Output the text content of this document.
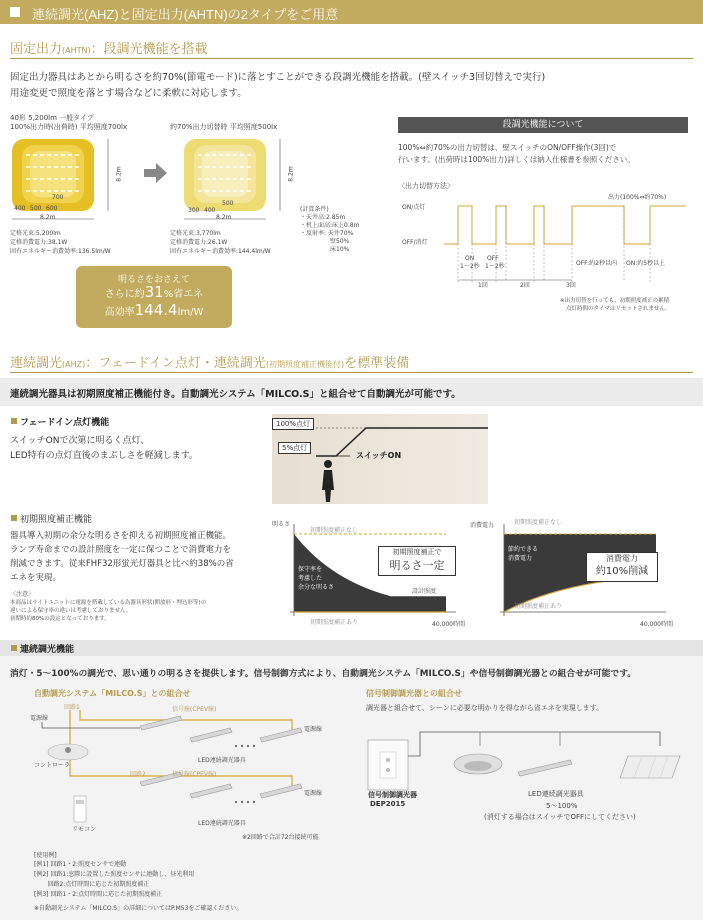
連続調光(AHZ)と固定出力(AHTN)の2タイプをご用意
固定出力(AHTN)：段調光機能を搭載
固定出力器具はあとから明るさを約70%(節電モード)に落とすことができる段調光機能を搭載。(壁スイッチ3回切替えで実行)
用途変更で照度を落とす場合などに柔軟に対応します。
40形 5,200lm 一般タイプ
100%出力時(出荷時) 平均照度700lx
700
400 500 600
8.2m
8.2m
定格光束:5,200lm
定格消費電力:38.1W
固有エネルギー消費効率:136.5lm/W
約70%出力切替時 平均照度500lx
500
300 400
8.2m
8.2m
定格光束:3,770lm
定格消費電力:26.1W
固有エネルギー消費効率:144.4lm/W
(計算条件)
・天井高:2.85m
・机上面高:床上0.8m
・反射率: 天井70%
壁50%
床10%
明るさをおさえて
さらに約31%省エネ
高効率144.4lm/W
段調光機能について
100%⇔約70%の出力切替は、壁スイッチのON/OFF操作(3回)で
行います。(出荷時は100%出力)詳しくは納入仕様書を参照ください。
〈出力切替方法〉
ON/点灯
OFF/消灯
出力(100%⇔約70%)
ON
1〜2秒
OFF
1〜2秒	OFF:約2秒以内 ON:約5秒以上
1回	2回	3回
※出力切替を行っても、初期照度補正の累積
点灯時間のタイマはリセットされません。
連続調光(AHZ)：フェードイン点灯・連続調光(初期照度補正機能付)を標準装備
連続調光器具は初期照度補正機能付き。自動調光システム「MILCO.S」と組合せて自動調光が可能です。
フェードイン点灯機能
スイッチONで次第に明るく点灯、
LED特有の点灯直後のまぶしさを軽減します。
100%点灯
5%点灯
スイッチON
初期照度補正機能
器具導入初期の余分な明るさを抑える初期照度補正機能。
ランプ寿命までの設計照度を一定に保つことで消費電力を
削減できます。従来FHF32形蛍光灯器具と比べ約38%の省
エネを実現。
〈注意〉
本商品はライトユニットに電源を搭載している為器具形状(開放形・埋込形等)の
違いによる保守率の違いは考慮しておりません。
初期時約80%の設定となっております。
明るさ
初期照度補正なし
保守率を
考慮した
余分な明るさ
初期照度補正で
明るさ一定
設計照度
初期照度補正あり	40,000時間
消費電力	初期照度補正なし
節約できる
消費電力	消費電力
約10%削減
初期照度補正あり
40,000時間
連続調光機能
消灯・5〜100%の調光で、思い通りの明るさを提供します。信号制御方式により、自動調光システム「MILCO.S」や信号制御調光器との組合せが可能です。
自動調光システム「MILCO.S」との組合せ
電源線
回路1
回路2
信号線(CPEV線)
信号線(CPEV線)
電源線
電源線
コントローラ
リモコン
LED連続調光器具
LED連続調光器具
※2回路で合計72台接続可能
[使用例]
[例1] 回路1・2:照度センサで連動
[例2] 回路1:窓際に設置した照度センサに連動し、昼光利用
回路2:点灯時間に応じた初期照度補正
[例3] 回路1・2:点灯時間に応じた初期照度補正
※自動調光システム「MILCO.S」の詳細についてはP.M53をご確認ください。
信号制御調光器との組合せ
調光器と組合せて、シーンに必要な明かりを得ながら省エネを実現します。
信号制御調光器
DEP2015
LED連続調光器具
5〜100%
(消灯する場合はスイッチでOFFにしてください)
